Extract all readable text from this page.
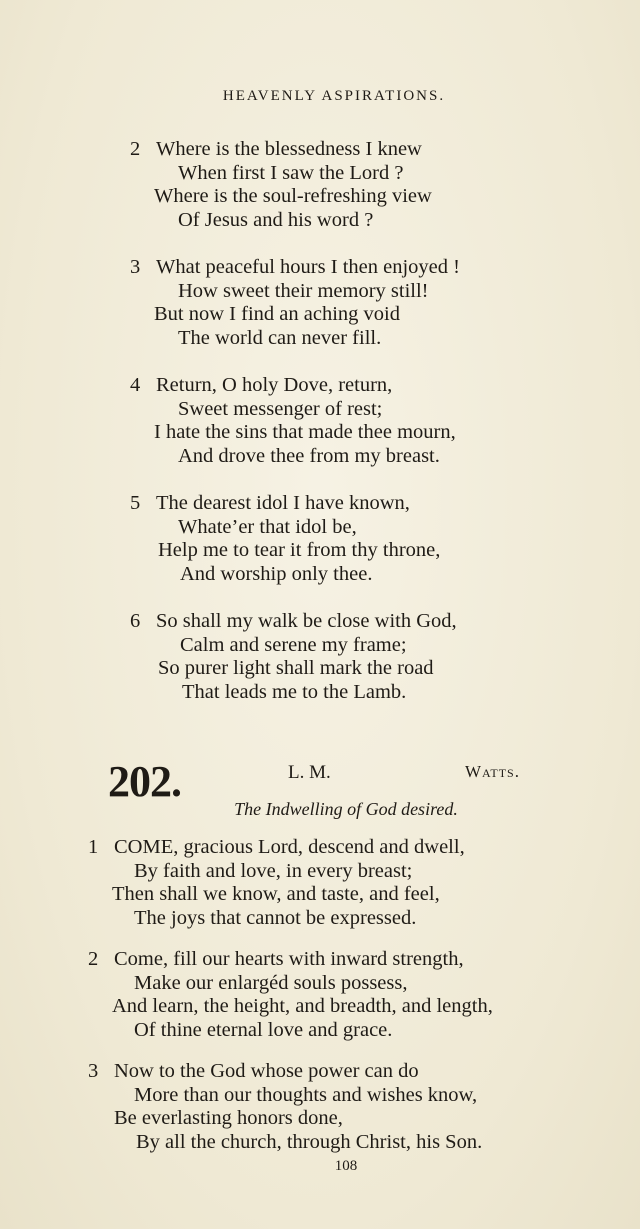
HEAVENLY ASPIRATIONS.
2 Where is the blessedness I knew
When first I saw the Lord ?
Where is the soul-refreshing view
Of Jesus and his word ?
3 What peaceful hours I then enjoyed !
How sweet their memory still!
But now I find an aching void
The world can never fill.
4 Return, O holy Dove, return,
Sweet messenger of rest;
I hate the sins that made thee mourn,
And drove thee from my breast.
5 The dearest idol I have known,
Whate’er that idol be,
Help me to tear it from thy throne,
And worship only thee.
6 So shall my walk be close with God,
Calm and serene my frame;
So purer light shall mark the road
That leads me to the Lamb.
202.	L. M.	Watts.
The Indwelling of God desired.
1 COME, gracious Lord, descend and dwell,
By faith and love, in every breast;
Then shall we know, and taste, and feel,
The joys that cannot be expressed.
2 Come, fill our hearts with inward strength,
Make our enlargéd souls possess,
And learn, the height, and breadth, and length,
Of thine eternal love and grace.
3 Now to the God whose power can do
More than our thoughts and wishes know,
Be everlasting honors done,
By all the church, through Christ, his Son.
108
